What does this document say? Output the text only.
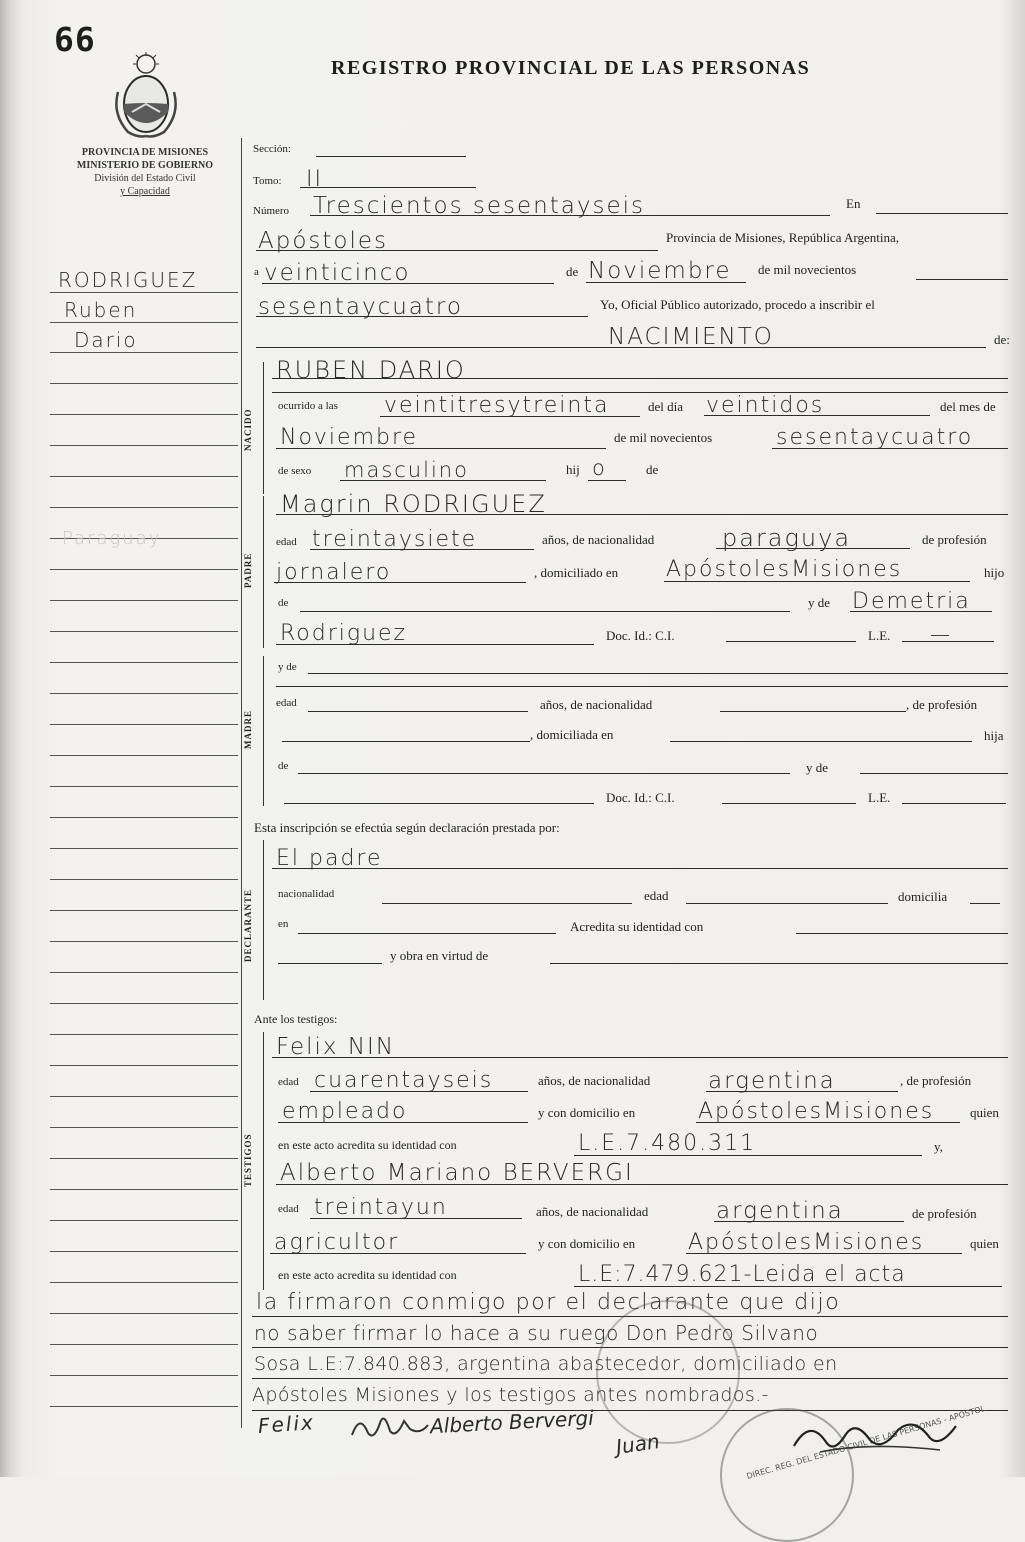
66
REGISTRO PROVINCIAL DE LAS PERSONAS
PROVINCIA DE MISIONES
MINISTERIO DE GOBIERNO
División del Estado Civil
y Capacidad
RODRIGUEZ
Ruben
Dario
Paraguay
Sección:
Tomo: II
Número Trescientos sesentayseis	En
Apóstoles	Provincia de Misiones, República Argentina,
a veinticinco	de Noviembre de mil novecientos
sesentaycuatro	Yo, Oficial Público autorizado, procedo a inscribir el
NACIMIENTO	de:
NACIDO
RUBEN DARIO
ocurrido a las veintitresytreinta	del día veintidos	del mes de
Noviembre	de mil novecientos	sesentaycuatro
de sexo masculino	hij o	de
PADRE
Magrin RODRIGUEZ
edad treintaysiete	años, de nacionalidad	paraguya	de profesión
jornalero	, domiciliado en ApóstolesMisiones	hijo
de	y de Demetria
Rodriguez	Doc. Id.: C.I.	L.E. —
MADRE
y de
edad	años, de nacionalidad	, de profesión
, domiciliada en	hija
de	y de
Doc. Id.: C.I.	L.E.
Esta inscripción se efectúa según declaración prestada por:
DECLARANTE
El padre
nacionalidad	edad	domicilia
en	Acredita su identidad con
y obra en virtud de
Ante los testigos:
TESTIGOS
Felix NIN
edad cuarentayseis	años, de nacionalidad	argentina	, de profesión
empleado	y con domicilio en	ApóstolesMisiones	quien
en este acto acredita su identidad con	L.E.7.480.311	y,
Alberto Mariano BERVERGI
edad treintayun	años, de nacionalidad	argentina	de profesión
agricultor	y con domicilio en ApóstolesMisiones	quien
en este acto acredita su identidad con	L.E:7.479.621-Leida el acta
la firmaron conmigo por el declarante que dijo
no saber firmar lo hace a su ruego Don Pedro Silvano
Sosa L.E:7.840.883, argentina abastecedor, domiciliado en
Apóstoles Misiones y los testigos antes nombrados.-
DIREC. REG. DEL ESTADO CIVIL DE LAS PERSONAS - APOSTOL
Felix	Alberto Bervergi
Juan
